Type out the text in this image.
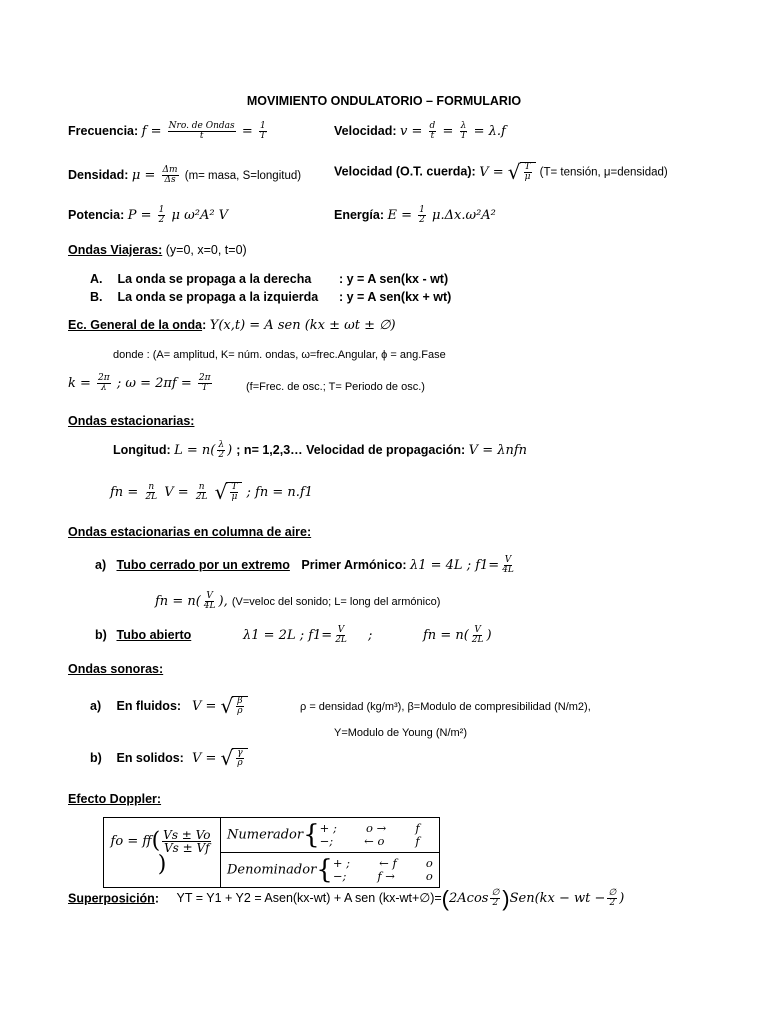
MOVIMIENTO ONDULATORIO – FORMULARIO
Frecuencia: $f = \frac{\text{Nro. de Ondas}}{t} = \frac{1}{T}$	Velocidad: $v = \frac{d}{t} = \frac{\lambda}{T} = \lambda.f$
Densidad: $\mu = \frac{\Delta m}{\Delta s} (m=$ masa, S=longitud)	Velocidad (O.T. cuerda): V = √ $\frac{T}{\mu} (T=$ tensión, μ=densidad)
Potencia: $P = \frac{1}{2}$ μ ω²A² V	Energía: $E = \frac{1}{2} \mu.\Delta x.\omega^2A^2$
Ondas Viajeras: (y=0, x=0, t=0)
A. La onda se propaga a la derecha : y = A sen(kx - wt)
B. La onda se propaga a la izquierda : y = A sen(kx + wt)
Ec. General de la onda: Y(x,t) = A sen (kx ± ωt ± ∅)
donde : (A= amplitud, K= núm. ondas, ω=frec.Angular, ϕ = ang.Fase
$k = \frac{2\pi}{\lambda}$ ; $\omega = 2\pi f = \frac{2\pi}{T}$	(f=Frec. de osc.; T= Periodo de osc.)
Ondas estacionarias:
Longitud: $L = n( \frac{\lambda}{2}$ ) ; n= 1,2,3… Velocidad de propagación: V = λnfn
fn = $\frac{n}{2L}$ $V = \frac{n}{2L}$
√ $\frac{T}{\mu}$ ; fn = n.f1
Ondas estacionarias en columna de aire:
a) Tubo cerrado por un extremo Primer Armónico: λ1 = 4L ; $f1= \frac{V}{4L}$
fn = $n( \frac{V}{4L}$ ), (V=veloc del sonido; L= long del armónico)
b) Tubo abierto	λ1 = 2L ; $f1= \frac{V}{2L}$ ;	fn = $n( \frac{V}{2L}$ )
Ondas sonoras:
a) En fluidos: V = √ $\frac{\beta}{\rho}$	ρ = densidad (kg/m³), β=Modulo de compresibilidad (N/m2),
Y=Modulo de Young (N/m²)
b) En solidos: V = √ $\frac{\gamma}{\rho}$
Efecto Doppler:
fo = $ff( \frac{Vs \pm Vo}{Vs \pm Vf}$
)	Numerador{ + ;	o →	f
−;	← o	f

Denominador{ + ;	← f	o
−;	f →	o
Superposición: YT = Y1 + Y2 = Asen(kx-wt) + A sen (kx-wt+∅)=(2Acos $\frac{\emptyset}{2} )Sen(kx$ − wt − $\frac{\emptyset}{2}$ )
